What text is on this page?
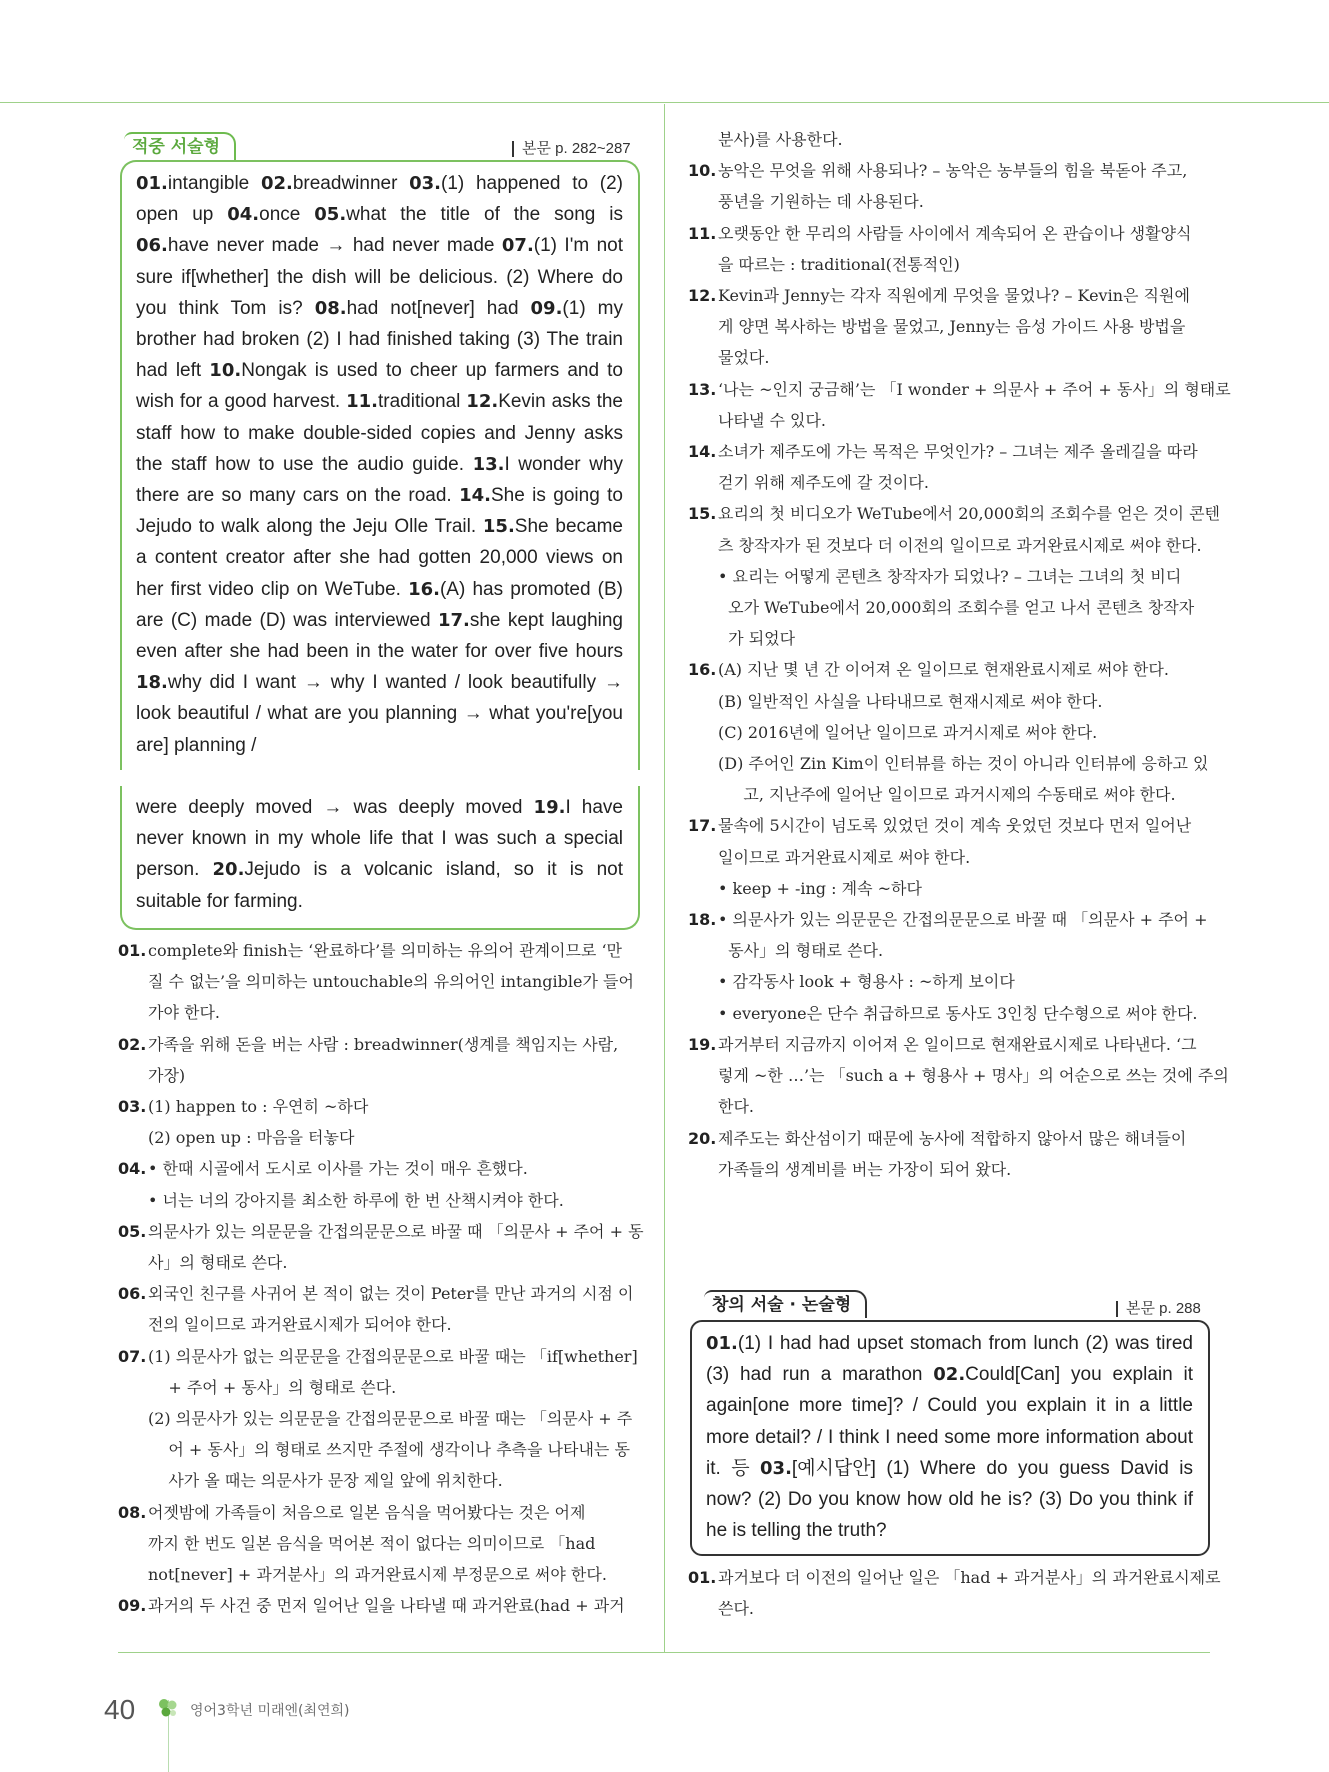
적중 서술형	본문 p. 282~287
01.intangible 02.breadwinner 03.(1) happened to (2) open up 04.once 05.what the title of the song is 06.have never made → had never made 07.(1) I'm not sure if[whether] the dish will be delicious. (2) Where do you think Tom is? 08.had not[never] had 09.(1) my brother had broken (2) I had finished taking (3) The train had left 10.Nongak is used to cheer up farmers and to wish for a good harvest. 11.traditional 12.Kevin asks the staff how to make double-sided copies and Jenny asks the staff how to use the audio guide. 13.I wonder why there are so many cars on the road. 14.She is going to Jejudo to walk along the Jeju Olle Trail. 15.She became a content creator after she had gotten 20,000 views on her first video clip on WeTube. 16.(A) has promoted (B) are (C) made (D) was interviewed 17.she kept laughing even after she had been in the water for over five hours 18.why did I want → why I wanted / look beautifully → look beautiful / what are you planning → what you're[you are] planning /
were deeply moved → was deeply moved 19.I have never known in my whole life that I was such a special person. 20.Jejudo is a volcanic island, so it is not suitable for farming.
01. complete와 finish는 ‘완료하다’를 의미하는 유의어 관계이므로 ‘만
질 수 없는’을 의미하는 untouchable의 유의어인 intangible가 들어
가야 한다.
02. 가족을 위해 돈을 버는 사람 : breadwinner(생계를 책임지는 사람,
가장)
03. (1) happen to : 우연히 ~하다
(2) open up : 마음을 터놓다
04. • 한때 시골에서 도시로 이사를 가는 것이 매우 흔했다.
• 너는 너의 강아지를 최소한 하루에 한 번 산책시켜야 한다.
05. 의문사가 있는 의문문을 간접의문문으로 바꿀 때 「의문사 + 주어 + 동
사」의 형태로 쓴다.
06. 외국인 친구를 사귀어 본 적이 없는 것이 Peter를 만난 과거의 시점 이
전의 일이므로 과거완료시제가 되어야 한다.
07. (1) 의문사가 없는 의문문을 간접의문문으로 바꿀 때는 「if[whether]
+ 주어 + 동사」의 형태로 쓴다.
(2) 의문사가 있는 의문문을 간접의문문으로 바꿀 때는 「의문사 + 주
어 + 동사」의 형태로 쓰지만 주절에 생각이나 추측을 나타내는 동
사가 올 때는 의문사가 문장 제일 앞에 위치한다.
08. 어젯밤에 가족들이 처음으로 일본 음식을 먹어봤다는 것은 어제
까지 한 번도 일본 음식을 먹어본 적이 없다는 의미이므로 「had
not[never] + 과거분사」의 과거완료시제 부정문으로 써야 한다.
09. 과거의 두 사건 중 먼저 일어난 일을 나타낼 때 과거완료(had + 과거
분사)를 사용한다.
10. 농악은 무엇을 위해 사용되나? – 농악은 농부들의 힘을 북돋아 주고,
풍년을 기원하는 데 사용된다.
11. 오랫동안 한 무리의 사람들 사이에서 계속되어 온 관습이나 생활양식
을 따르는 : traditional(전통적인)
12. Kevin과 Jenny는 각자 직원에게 무엇을 물었나? – Kevin은 직원에
게 양면 복사하는 방법을 물었고, Jenny는 음성 가이드 사용 방법을
물었다.
13. ‘나는 ~인지 궁금해’는 「I wonder + 의문사 + 주어 + 동사」의 형태로
나타낼 수 있다.
14. 소녀가 제주도에 가는 목적은 무엇인가? – 그녀는 제주 올레길을 따라
걷기 위해 제주도에 갈 것이다.
15. 요리의 첫 비디오가 WeTube에서 20,000회의 조회수를 얻은 것이 콘텐
츠 창작자가 된 것보다 더 이전의 일이므로 과거완료시제로 써야 한다.
• 요리는 어떻게 콘텐츠 창작자가 되었나? – 그녀는 그녀의 첫 비디
오가 WeTube에서 20,000회의 조회수를 얻고 나서 콘텐츠 창작자
가 되었다
16. (A) 지난 몇 년 간 이어져 온 일이므로 현재완료시제로 써야 한다.
(B) 일반적인 사실을 나타내므로 현재시제로 써야 한다.
(C) 2016년에 일어난 일이므로 과거시제로 써야 한다.
(D) 주어인 Zin Kim이 인터뷰를 하는 것이 아니라 인터뷰에 응하고 있
고, 지난주에 일어난 일이므로 과거시제의 수동태로 써야 한다.
17. 물속에 5시간이 넘도록 있었던 것이 계속 웃었던 것보다 먼저 일어난
일이므로 과거완료시제로 써야 한다.
• keep + -ing : 계속 ~하다
18. • 의문사가 있는 의문문은 간접의문문으로 바꿀 때 「의문사 + 주어 +
동사」의 형태로 쓴다.
• 감각동사 look + 형용사 : ~하게 보이다
• everyone은 단수 취급하므로 동사도 3인칭 단수형으로 써야 한다.
19. 과거부터 지금까지 이어져 온 일이므로 현재완료시제로 나타낸다. ‘그
렇게 ~한 …’는 「such a + 형용사 + 명사」의 어순으로 쓰는 것에 주의
한다.
20. 제주도는 화산섬이기 때문에 농사에 적합하지 않아서 많은 해녀들이
가족들의 생계비를 버는 가장이 되어 왔다.
창의 서술 · 논술형	본문 p. 288
01.(1) I had had upset stomach from lunch (2) was tired (3) had run a marathon 02.Could[Can] you explain it again[one more time]? / Could you explain it in a little more detail? / I think I need some more information about it. 등 03.[예시답안] (1) Where do you guess David is now? (2) Do you know how old he is? (3) Do you think if he is telling the truth?
01. 과거보다 더 이전의 일어난 일은 「had + 과거분사」의 과거완료시제로
쓴다.
40	영어3학년 미래엔(최연희)
